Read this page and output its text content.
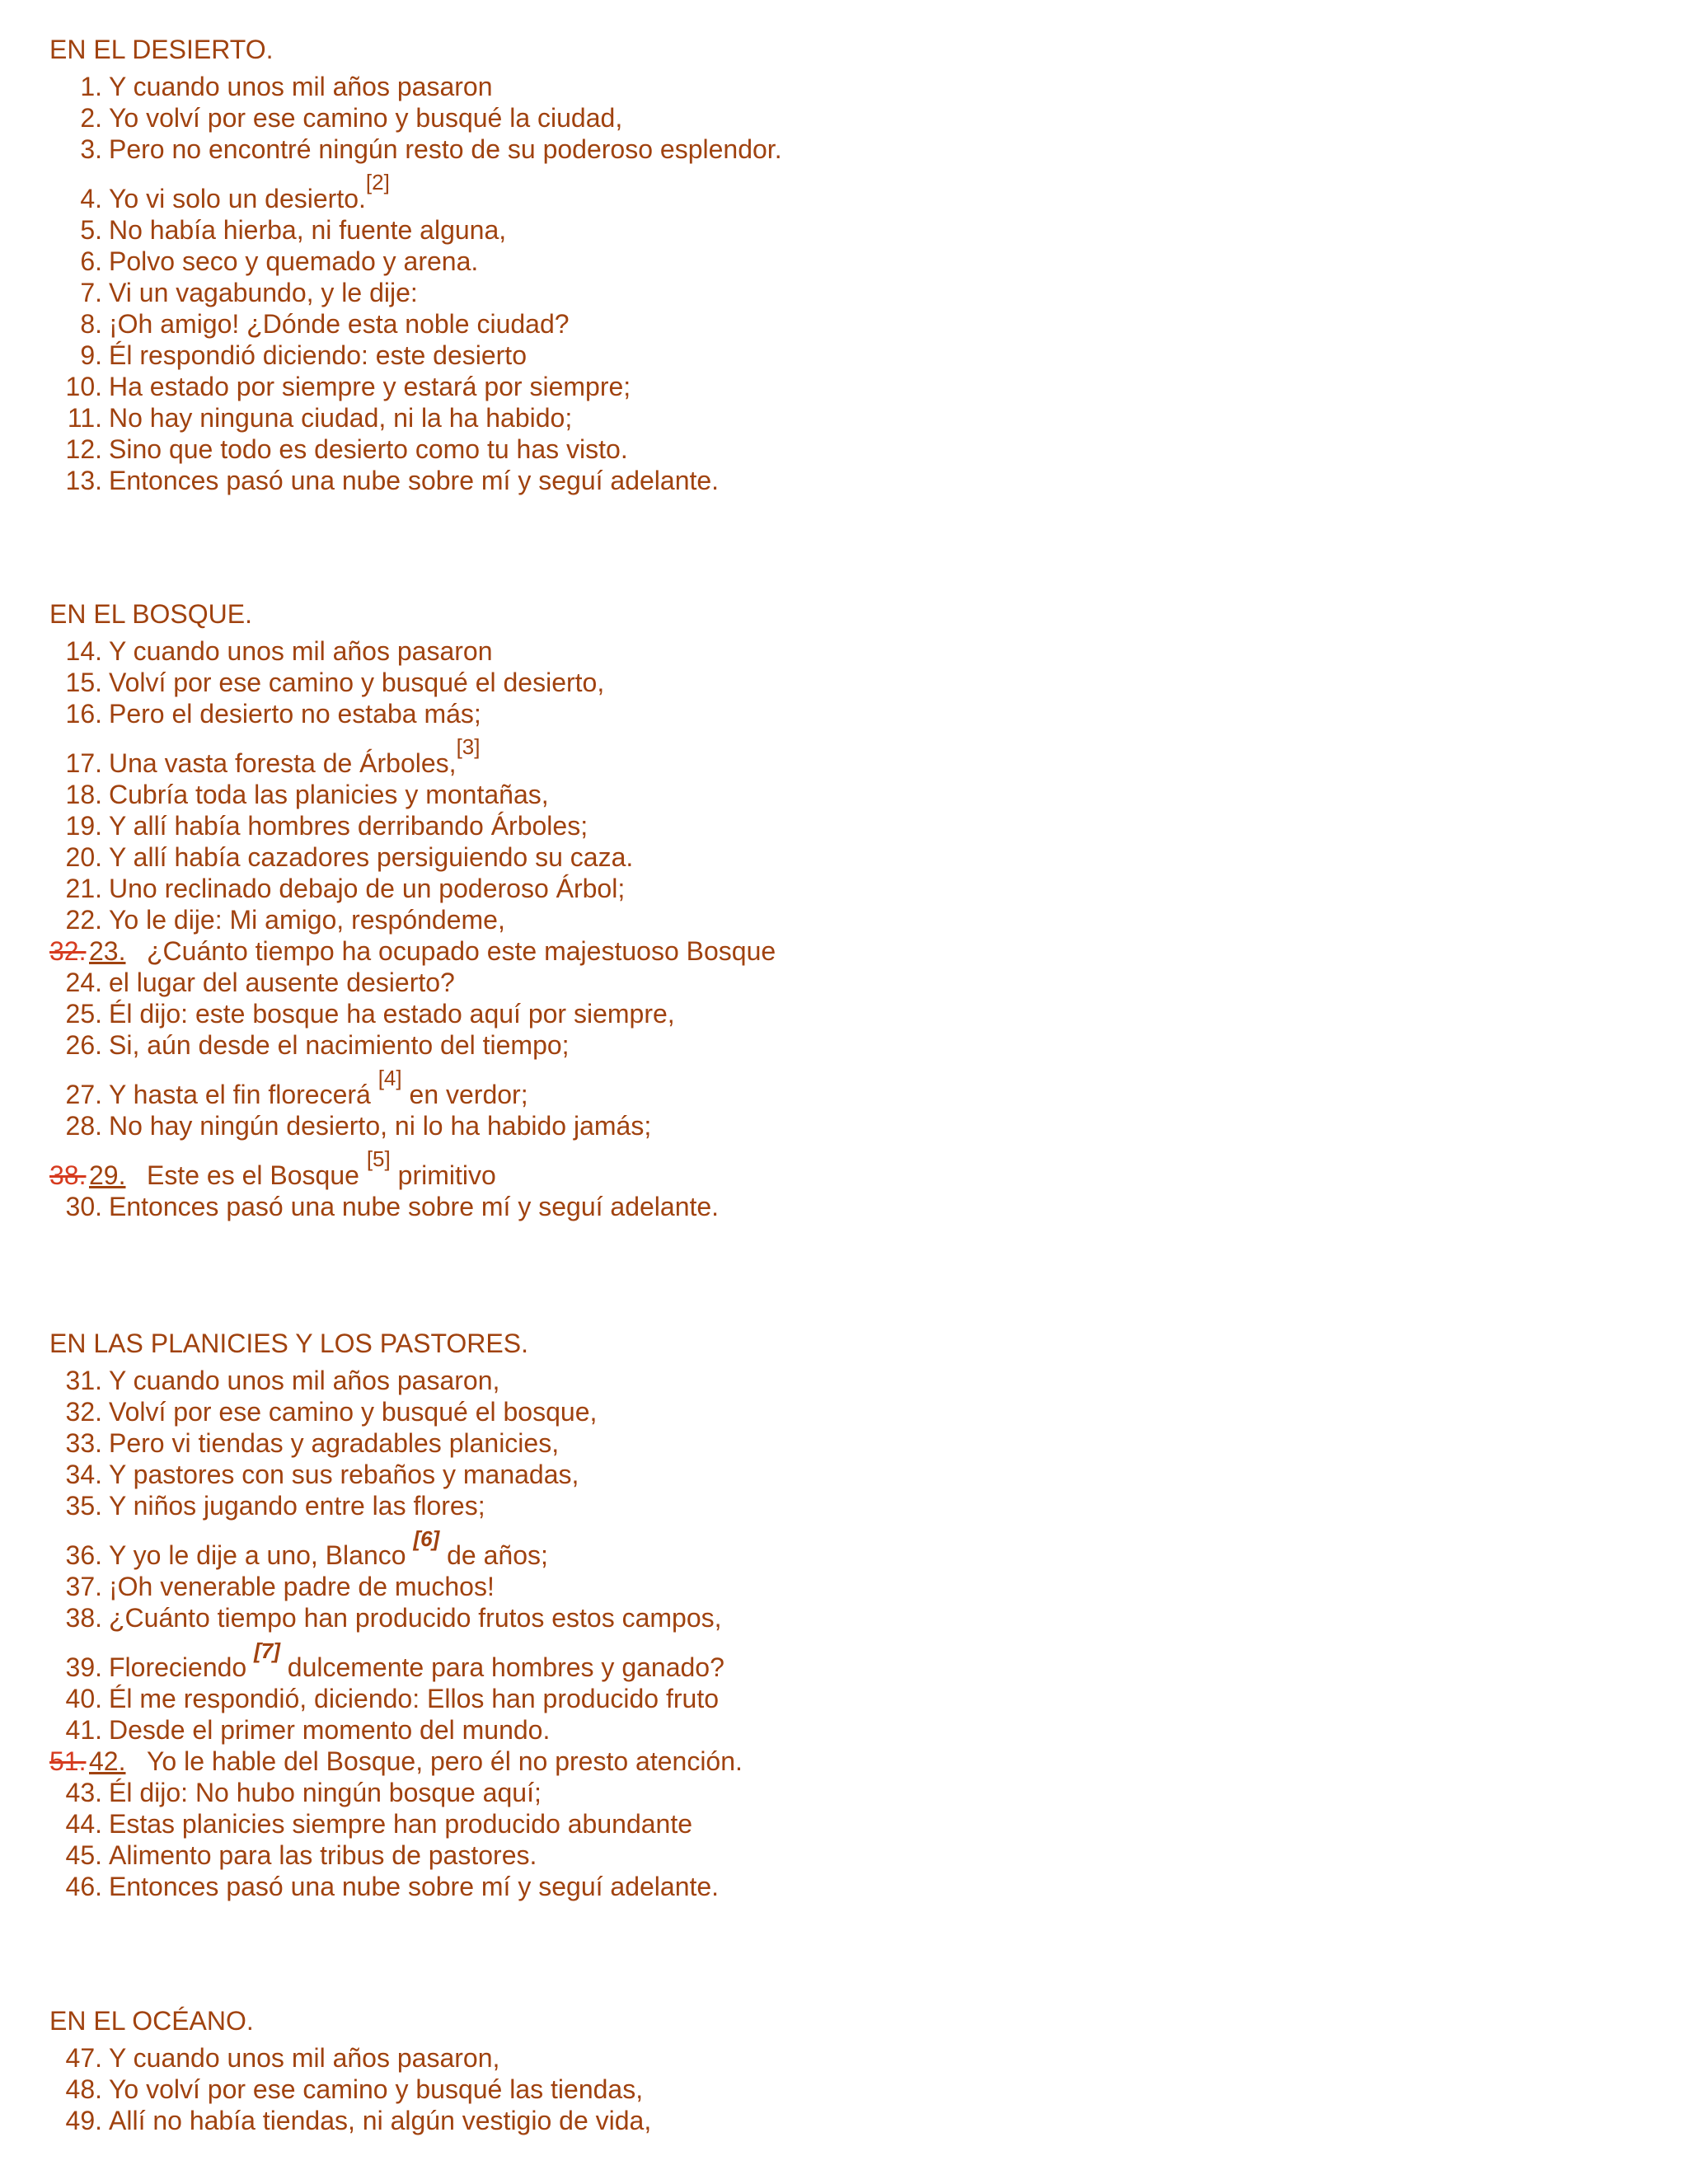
EN EL DESIERTO.
1. Y cuando unos mil años pasaron
2. Yo volví por ese camino y busqué la ciudad,
3. Pero no encontré ningún resto de su poderoso esplendor.
4. Yo vi solo un desierto.[2]
5. No había hierba, ni fuente alguna,
6. Polvo seco y quemado y arena.
7. Vi un vagabundo, y le dije:
8. ¡Oh amigo! ¿Dónde esta noble ciudad?
9. Él respondió diciendo: este desierto
10. Ha estado por siempre y estará por siempre;
11. No hay ninguna ciudad, ni la ha habido;
12. Sino que todo es desierto como tu has visto.
13. Entonces pasó una nube sobre mí y seguí adelante.
EN EL BOSQUE.
14. Y cuando unos mil años pasaron
15. Volví por ese camino y busqué el desierto,
16. Pero el desierto no estaba más;
17. Una vasta foresta de Árboles,[3]
18. Cubría toda las planicies y montañas,
19. Y allí había hombres derribando Árboles;
20. Y allí había cazadores persiguiendo su caza.
21. Uno reclinado debajo de un poderoso Árbol;
22. Yo le dije: Mi amigo, respóndeme,
32. 23. ¿Cuánto tiempo ha ocupado este majestuoso Bosque
24. el lugar del ausente desierto?
25. Él dijo: este bosque ha estado aquí por siempre,
26. Si, aún desde el nacimiento del tiempo;
27. Y hasta el fin florecerá [4] en verdor;
28. No hay ningún desierto, ni lo ha habido jamás;
38. 29. Este es el Bosque [5] primitivo
30. Entonces pasó una nube sobre mí y seguí adelante.
EN LAS PLANICIES Y LOS PASTORES.
31. Y cuando unos mil años pasaron,
32. Volví por ese camino y busqué el bosque,
33. Pero vi tiendas y agradables planicies,
34. Y pastores con sus rebaños y manadas,
35. Y niños jugando entre las flores;
36. Y yo le dije a uno, Blanco [6] de años;
37. ¡Oh venerable padre de muchos!
38. ¿Cuánto tiempo han producido frutos estos campos,
39. Floreciendo [7] dulcemente para hombres y ganado?
40. Él me respondió, diciendo: Ellos han producido fruto
41. Desde el primer momento del mundo.
51. 42. Yo le hable del Bosque, pero él no presto atención.
43. Él dijo: No hubo ningún bosque aquí;
44. Estas planicies siempre han producido abundante
45. Alimento para las tribus de pastores.
46. Entonces pasó una nube sobre mí y seguí adelante.
EN EL OCÉANO.
47. Y cuando unos mil años pasaron,
48. Yo volví por ese camino y busqué las tiendas,
49. Allí no había tiendas, ni algún vestigio de vida,
